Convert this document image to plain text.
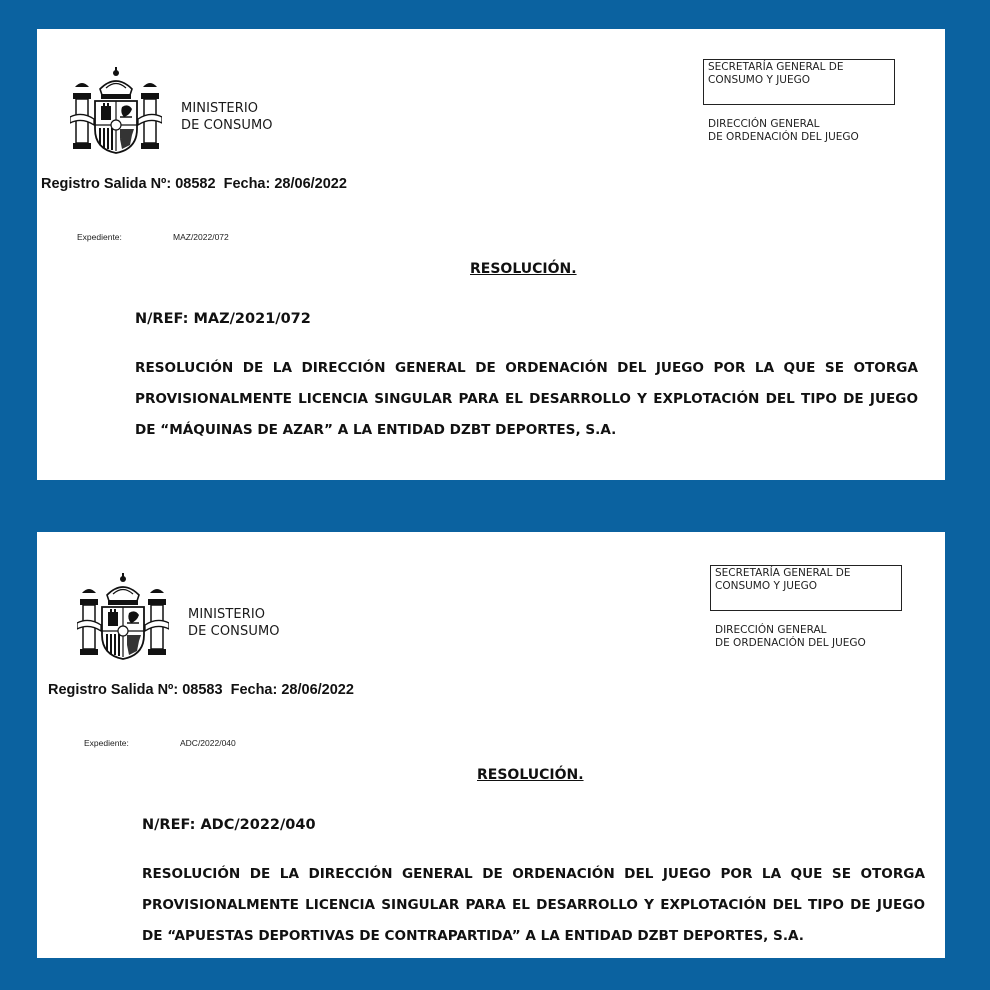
MINISTERIO
DE CONSUMO
SECRETARÍA GENERAL DE
CONSUMO Y JUEGO
DIRECCIÓN GENERAL
DE ORDENACIÓN DEL JUEGO
Registro Salida Nº: 08582  Fecha: 28/06/2022
Expediente:	MAZ/2022/072
RESOLUCIÓN.
N/REF: MAZ/2021/072
RESOLUCIÓN DE LA DIRECCIÓN GENERAL DE ORDENACIÓN DEL JUEGO POR LA QUE SE OTORGA PROVISIONALMENTE LICENCIA SINGULAR PARA EL DESARROLLO Y EXPLOTACIÓN DEL TIPO DE JUEGO DE “MÁQUINAS DE AZAR” A LA ENTIDAD DZBT DEPORTES, S.A.
MINISTERIO
DE CONSUMO
SECRETARÍA GENERAL DE
CONSUMO Y JUEGO
DIRECCIÓN GENERAL
DE ORDENACIÓN DEL JUEGO
Registro Salida Nº: 08583  Fecha: 28/06/2022
Expediente:	ADC/2022/040
RESOLUCIÓN.
N/REF: ADC/2022/040
RESOLUCIÓN DE LA DIRECCIÓN GENERAL DE ORDENACIÓN DEL JUEGO POR LA QUE SE OTORGA PROVISIONALMENTE LICENCIA SINGULAR PARA EL DESARROLLO Y EXPLOTACIÓN DEL TIPO DE JUEGO DE “APUESTAS DEPORTIVAS DE CONTRAPARTIDA” A LA ENTIDAD DZBT DEPORTES, S.A.
